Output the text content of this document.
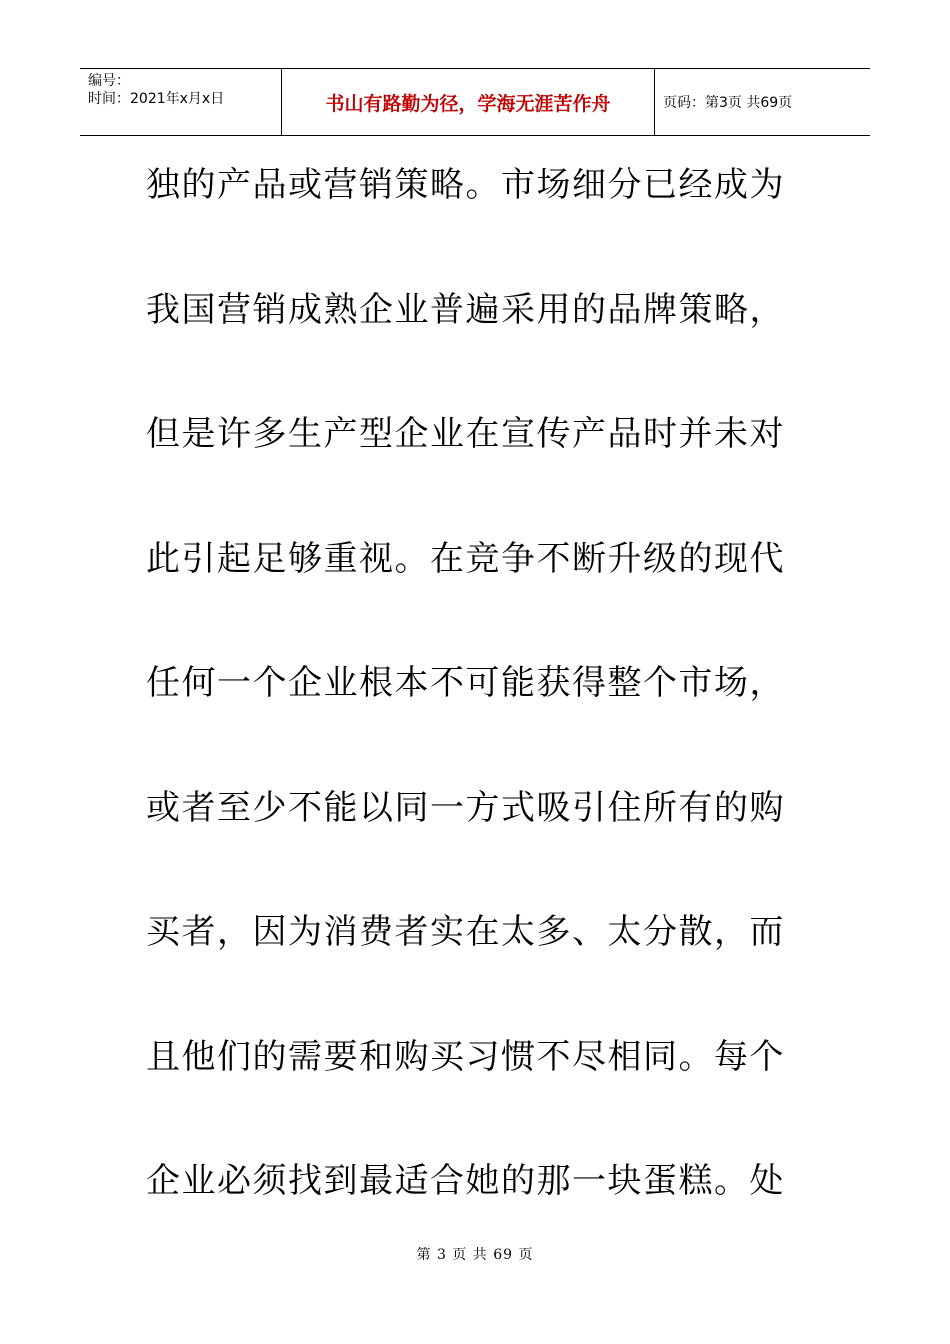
编号：
时间：2021年x月x日	书山有路勤为径，学海无涯苦作舟	页码：第3页 共69页
独的产品或营销策略。市场细分已经成为
我国营销成熟企业普遍采用的品牌策略，
但是许多生产型企业在宣传产品时并未对
此引起足够重视。在竞争不断升级的现代
任何一个企业根本不可能获得整个市场，
或者至少不能以同一方式吸引住所有的购
买者，因为消费者实在太多、太分散，而
且他们的需要和购买习惯不尽相同。每个
企业必须找到最适合她的那一块蛋糕。处
第 3 页 共 69 页
